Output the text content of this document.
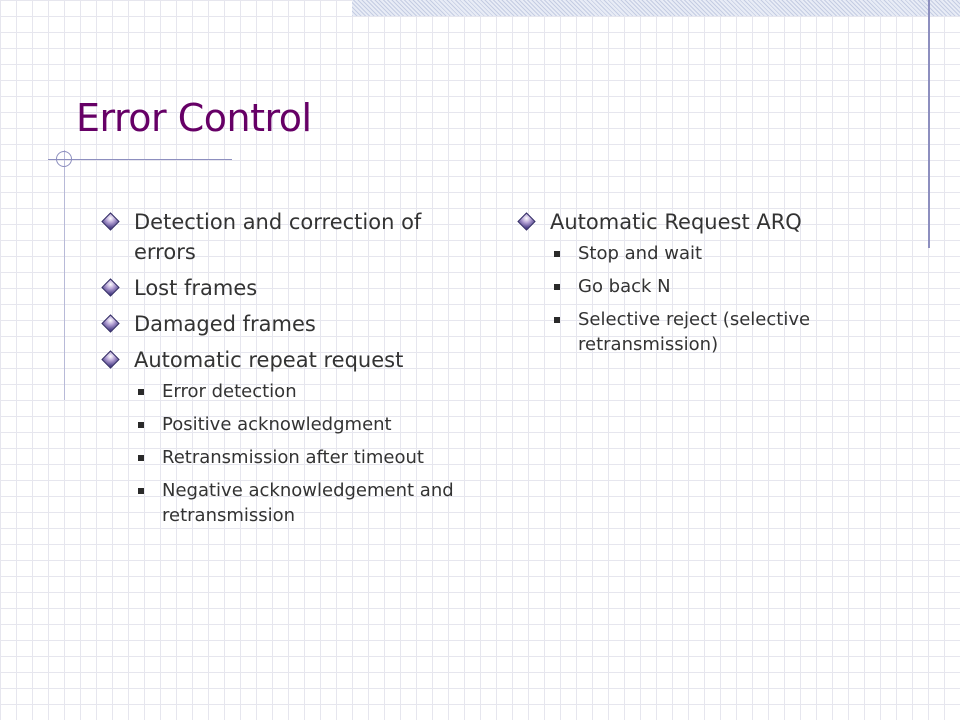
Error Control
Detection and correction of errors
Lost frames
Damaged frames
Automatic repeat request
Error detection
Positive acknowledgment
Retransmission after timeout
Negative acknowledgement and retransmission
Automatic Request ARQ
Stop and wait
Go back N
Selective reject (selective retransmission)
